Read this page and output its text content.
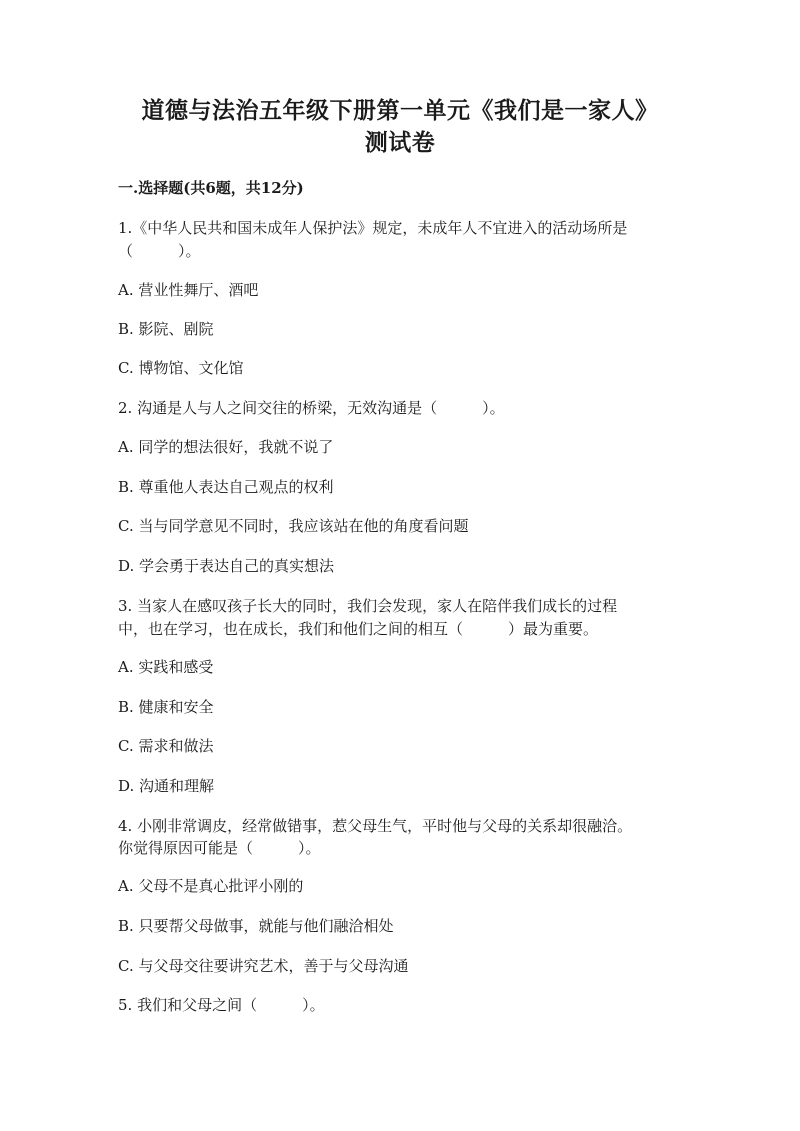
道德与法治五年级下册第一单元《我们是一家人》
测试卷
一.选择题(共6题，共12分)
1.《中华人民共和国未成年人保护法》规定，未成年人不宜进入的活动场所是
（　　　）。
A. 营业性舞厅、酒吧
B. 影院、剧院
C. 博物馆、文化馆
2. 沟通是人与人之间交往的桥梁，无效沟通是（　　　）。
A. 同学的想法很好，我就不说了
B. 尊重他人表达自己观点的权利
C. 当与同学意见不同时，我应该站在他的角度看问题
D. 学会勇于表达自己的真实想法
3. 当家人在感叹孩子长大的同时，我们会发现，家人在陪伴我们成长的过程
中，也在学习，也在成长，我们和他们之间的相互（　　　）最为重要。
A. 实践和感受
B. 健康和安全
C. 需求和做法
D. 沟通和理解
4. 小刚非常调皮，经常做错事，惹父母生气，平时他与父母的关系却很融洽。
你觉得原因可能是（　　　）。
A. 父母不是真心批评小刚的
B. 只要帮父母做事，就能与他们融洽相处
C. 与父母交往要讲究艺术，善于与父母沟通
5. 我们和父母之间（　　　）。
